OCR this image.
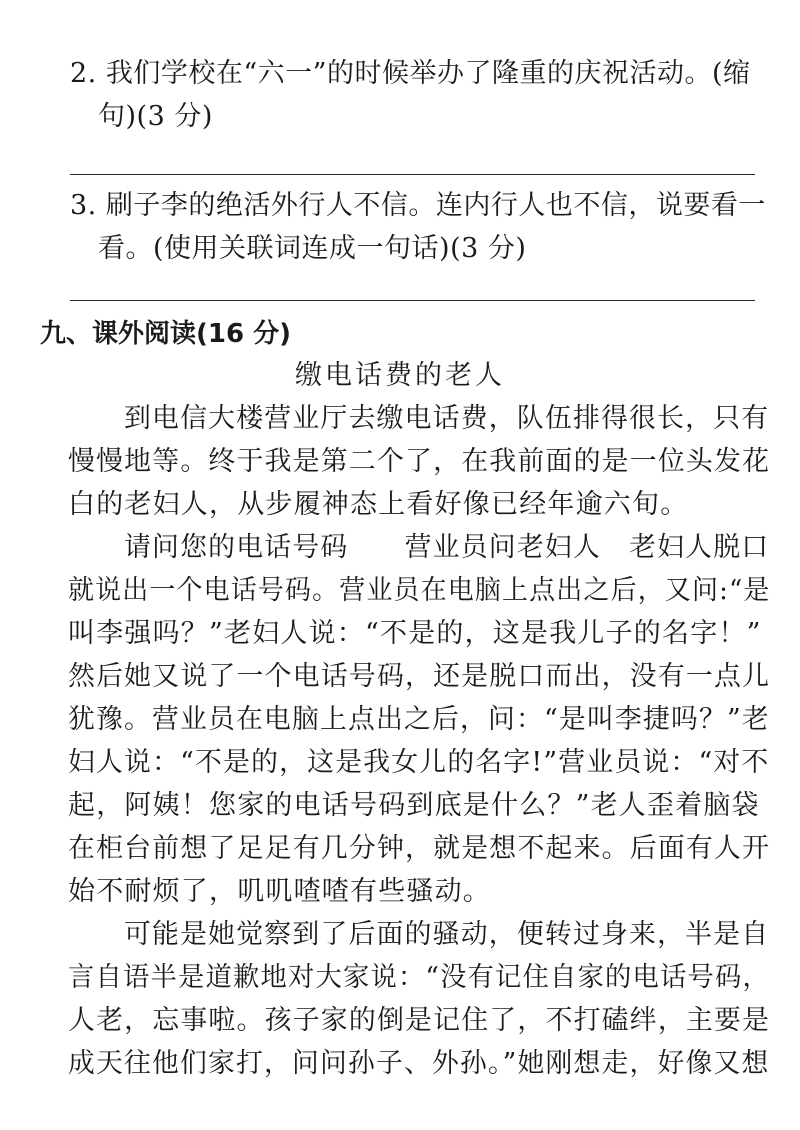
2. 我们学校在“六一”的时候举办了隆重的庆祝活动。(缩
句)(3 分)
3. 刷子李的绝活外行人不信。连内行人也不信，说要看一
看。(使用关联词连成一句话)(3 分)
九、课外阅读(16 分)
缴电话费的老人
到电信大楼营业厅去缴电话费，队伍排得很长，只有
慢慢地等。终于我是第二个了，在我前面的是一位头发花
白的老妇人，从步履神态上看好像已经年逾六旬。
请问您的电话号码　　营业员问老妇人　老妇人脱口
就说出一个电话号码。营业员在电脑上点出之后，又问:“是
叫李强吗？”老妇人说：“不是的，这是我儿子的名字！”
然后她又说了一个电话号码，还是脱口而出，没有一点儿
犹豫。营业员在电脑上点出之后，问：“是叫李捷吗？”老
妇人说：“不是的，这是我女儿的名字!”营业员说：“对不
起，阿姨！您家的电话号码到底是什么？”老人歪着脑袋
在柜台前想了足足有几分钟，就是想不起来。后面有人开
始不耐烦了，叽叽喳喳有些骚动。
可能是她觉察到了后面的骚动，便转过身来，半是自
言自语半是道歉地对大家说：“没有记住自家的电话号码，
人老，忘事啦。孩子家的倒是记住了，不打磕绊，主要是
成天往他们家打，问问孙子、外孙。”她刚想走，好像又想
